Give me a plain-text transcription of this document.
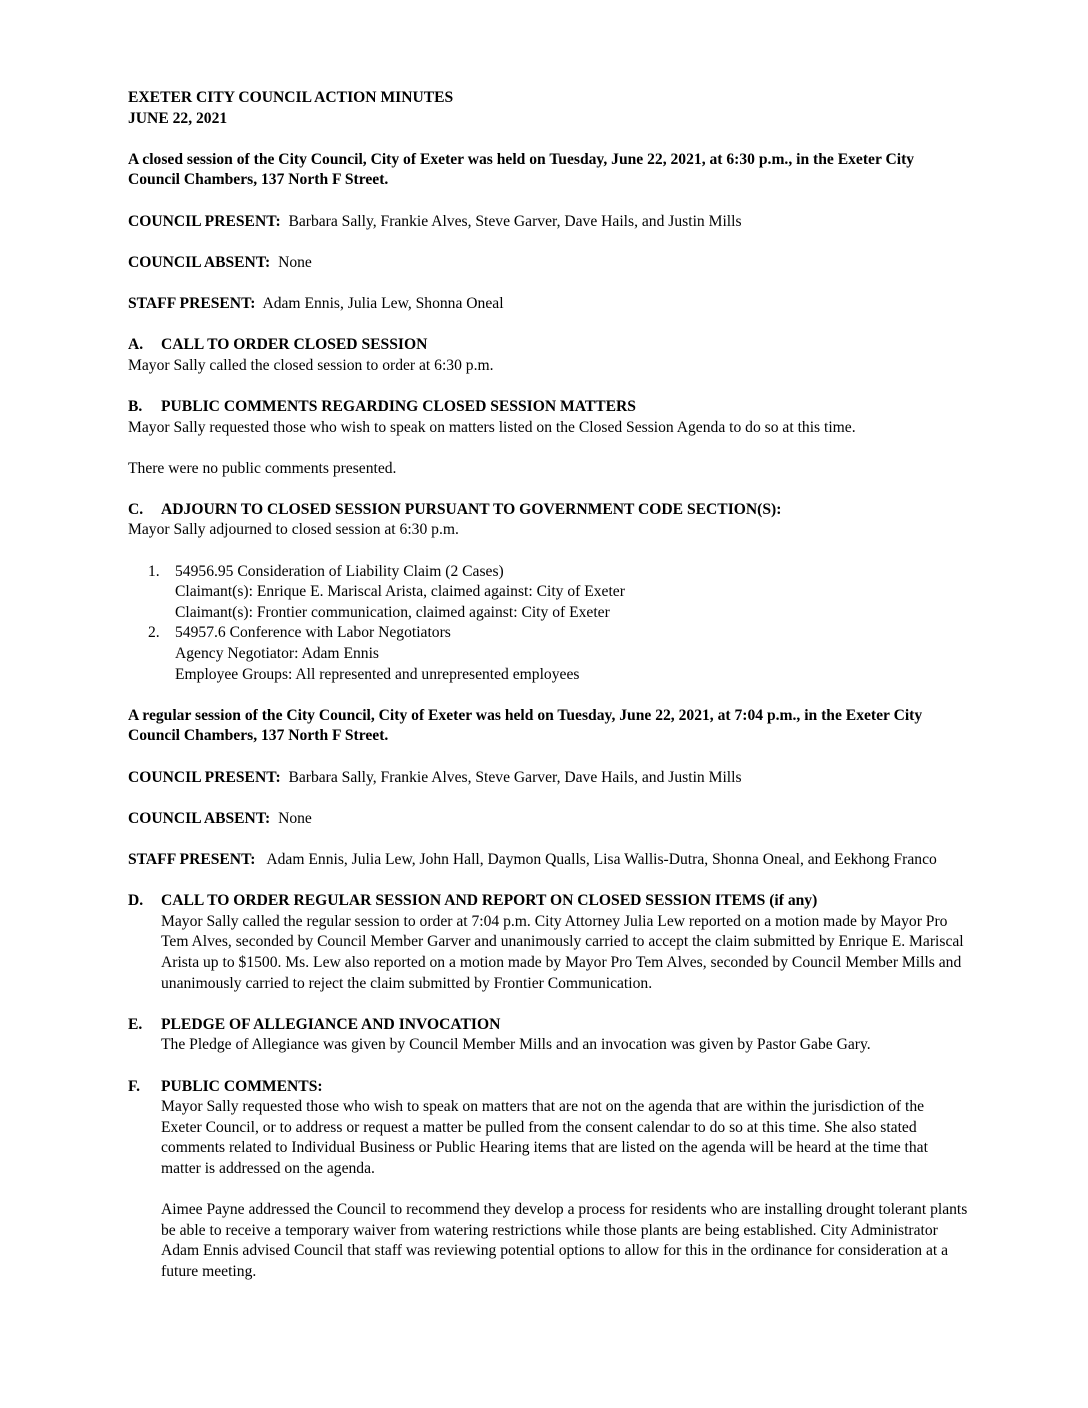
EXETER CITY COUNCIL ACTION MINUTES

JUNE 22, 2021

A closed session of the City Council, City of Exeter was held on Tuesday, June 22, 2021, at 6:30 p.m., in the Exeter City Council Chambers, 137 North F Street.

COUNCIL PRESENT: Barbara Sally, Frankie Alves, Steve Garver, Dave Hails, and Justin Mills

COUNCIL ABSENT: None

STAFF PRESENT: Adam Ennis, Julia Lew, Shonna Oneal

A. CALL TO ORDER CLOSED SESSION

Mayor Sally called the closed session to order at 6:30 p.m.

B. PUBLIC COMMENTS REGARDING CLOSED SESSION MATTERS

Mayor Sally requested those who wish to speak on matters listed on the Closed Session Agenda to do so at this time.

There were no public comments presented.

C. ADJOURN TO CLOSED SESSION PURSUANT TO GOVERNMENT CODE SECTION(S):

Mayor Sally adjourned to closed session at 6:30 p.m.

1. 54956.95 Consideration of Liability Claim (2 Cases)

Claimant(s): Enrique E. Mariscal Arista, claimed against: City of Exeter

Claimant(s): Frontier communication, claimed against: City of Exeter

2. 54957.6 Conference with Labor Negotiators

Agency Negotiator: Adam Ennis

Employee Groups: All represented and unrepresented employees

A regular session of the City Council, City of Exeter was held on Tuesday, June 22, 2021, at 7:04 p.m., in the Exeter City Council Chambers, 137 North F Street.

COUNCIL PRESENT: Barbara Sally, Frankie Alves, Steve Garver, Dave Hails, and Justin Mills

COUNCIL ABSENT: None

STAFF PRESENT: Adam Ennis, Julia Lew, John Hall, Daymon Qualls, Lisa Wallis-Dutra, Shonna Oneal, and Eekhong Franco

D. CALL TO ORDER REGULAR SESSION AND REPORT ON CLOSED SESSION ITEMS (if any)

Mayor Sally called the regular session to order at 7:04 p.m. City Attorney Julia Lew reported on a motion made by Mayor Pro Tem Alves, seconded by Council Member Garver and unanimously carried to accept the claim submitted by Enrique E. Mariscal Arista up to $1500. Ms. Lew also reported on a motion made by Mayor Pro Tem Alves, seconded by Council Member Mills and unanimously carried to reject the claim submitted by Frontier Communication.

E. PLEDGE OF ALLEGIANCE AND INVOCATION

The Pledge of Allegiance was given by Council Member Mills and an invocation was given by Pastor Gabe Gary.

F. PUBLIC COMMENTS:

Mayor Sally requested those who wish to speak on matters that are not on the agenda that are within the jurisdiction of the Exeter Council, or to address or request a matter be pulled from the consent calendar to do so at this time. She also stated comments related to Individual Business or Public Hearing items that are listed on the agenda will be heard at the time that matter is addressed on the agenda.

Aimee Payne addressed the Council to recommend they develop a process for residents who are installing drought tolerant plants be able to receive a temporary waiver from watering restrictions while those plants are being established. City Administrator Adam Ennis advised Council that staff was reviewing potential options to allow for this in the ordinance for consideration at a future meeting.
